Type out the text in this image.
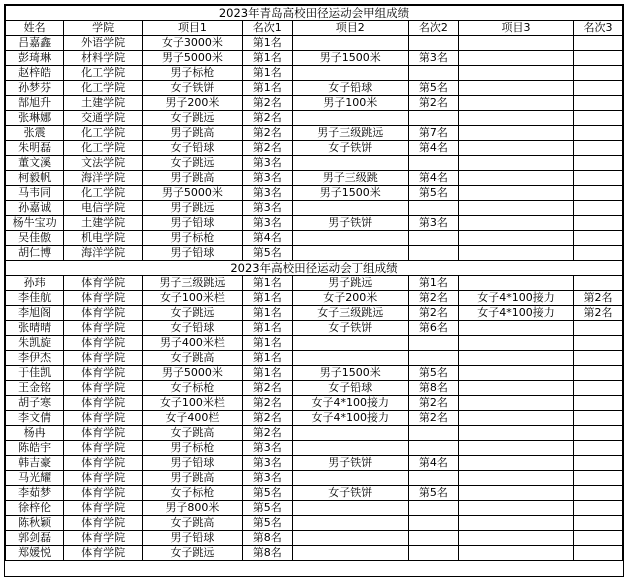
2023年青岛高校田径运动会甲组成绩							
姓名	学院	项目1	名次1	项目2	名次2	项目3	名次3
吕嘉鑫	外语学院	女子3000米	第1名				
彭琦琳	材料学院	男子5000米	第1名	男子1500米	第3名		
赵梓皓	化工学院	男子标枪	第1名				
孙梦芬	化工学院	女子铁饼	第1名	女子铅球	第5名		
郜旭升	土建学院	男子200米	第2名	男子100米	第2名		
张琳娜	交通学院	女子跳远	第2名				
张震	化工学院	男子跳高	第2名	男子三级跳远	第7名		
朱明磊	化工学院	女子铅球	第2名	女子铁饼	第4名		
董文溪	文法学院	女子跳远	第3名				
柯毅帆	海洋学院	男子跳高	第3名	男子三级跳	第4名		
马韦同	化工学院	男子5000米	第3名	男子1500米	第5名		
孙嘉诚	电信学院	男子跳远	第3名				
杨牛宝功	土建学院	男子铅球	第3名	男子铁饼	第3名		
吴佳傲	机电学院	男子标枪	第4名				
胡仁博	海洋学院	男子铅球	第5名				
2023年高校田径运动会丁组成绩							
孙玮	体育学院	男子三级跳远	第1名	男子跳远	第1名		
李佳航	体育学院	女子100米栏	第1名	女子200米	第2名	女子4*100接力	第2名
李旭阁	体育学院	女子跳远	第1名	女子三级跳远	第2名	女子4*100接力	第2名
张晴晴	体育学院	女子铅球	第1名	女子铁饼	第6名		
朱凯旋	体育学院	男子400米栏	第1名				
李伊杰	体育学院	女子跳高	第1名				
于佳凯	体育学院	男子5000米	第1名	男子1500米	第5名		
王金铭	体育学院	女子标枪	第2名	女子铅球	第8名		
胡子寒	体育学院	女子100米栏	第2名	女子4*100接力	第2名		
李文倩	体育学院	女子400栏	第2名	女子4*100接力	第2名		
杨冉	体育学院	女子跳高	第2名				
陈皓宇	体育学院	男子标枪	第3名				
韩吉豪	体育学院	男子铅球	第3名	男子铁饼	第4名		
马光耀	体育学院	男子跳高	第3名				
李茹梦	体育学院	女子标枪	第5名	女子铁饼	第5名		
徐梓伦	体育学院	男子800米	第5名				
陈秋颖	体育学院	女子跳高	第5名				
郭剑磊	体育学院	男子铅球	第8名				
郑媛悦	体育学院	女子跳远	第8名				
